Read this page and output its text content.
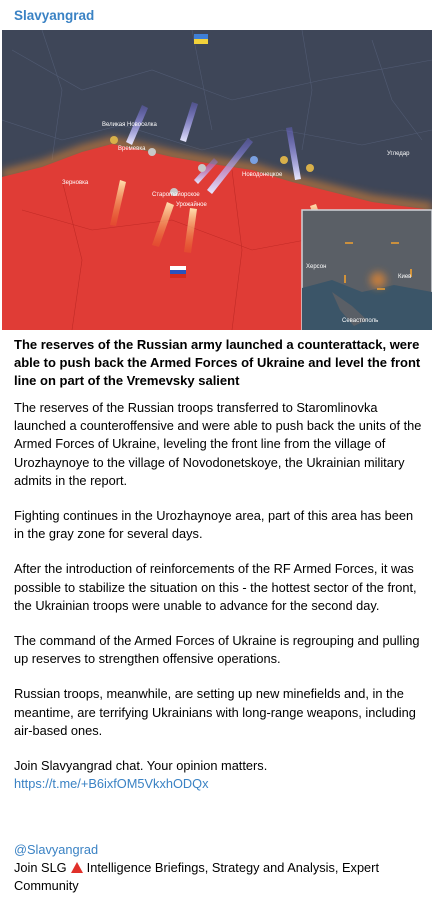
Slavyangrad
Времевка
Староmайорское
Урожайное
Новодонецкое
Угледар
Великая Новоселка
Зерновка
Херсон
Киев
Севастополь

The reserves of the Russian army launched a counterattack, were able to push back the Armed Forces of Ukraine and level the front line on part of the Vremevsky salient

The reserves of the Russian troops transferred to Staromlinovka launched a counteroffensive and were able to push back the units of the Armed Forces of Ukraine, leveling the front line from the village of Urozhaynoye to the village of Novodonetskoye, the Ukrainian military admits in the report.

Fighting continues in the Urozhaynoye area, part of this area has been in the gray zone for several days.

After the introduction of reinforcements of the RF Armed Forces, it was possible to stabilize the situation on this - the hottest sector of the front, the Ukrainian troops were unable to advance for the second day.

The command of the Armed Forces of Ukraine is regrouping and pulling up reserves to strengthen offensive operations.

Russian troops, meanwhile, are setting up new minefields and, in the meantime, are terrifying Ukrainians with long-range weapons, including air-based ones.

Join Slavyangrad chat. Your opinion matters.
https://t.me/+B6ixfOM5VkxhODQx

@Slavyangrad
Join SLG Intelligence Briefings, Strategy and Analysis, Expert Community
